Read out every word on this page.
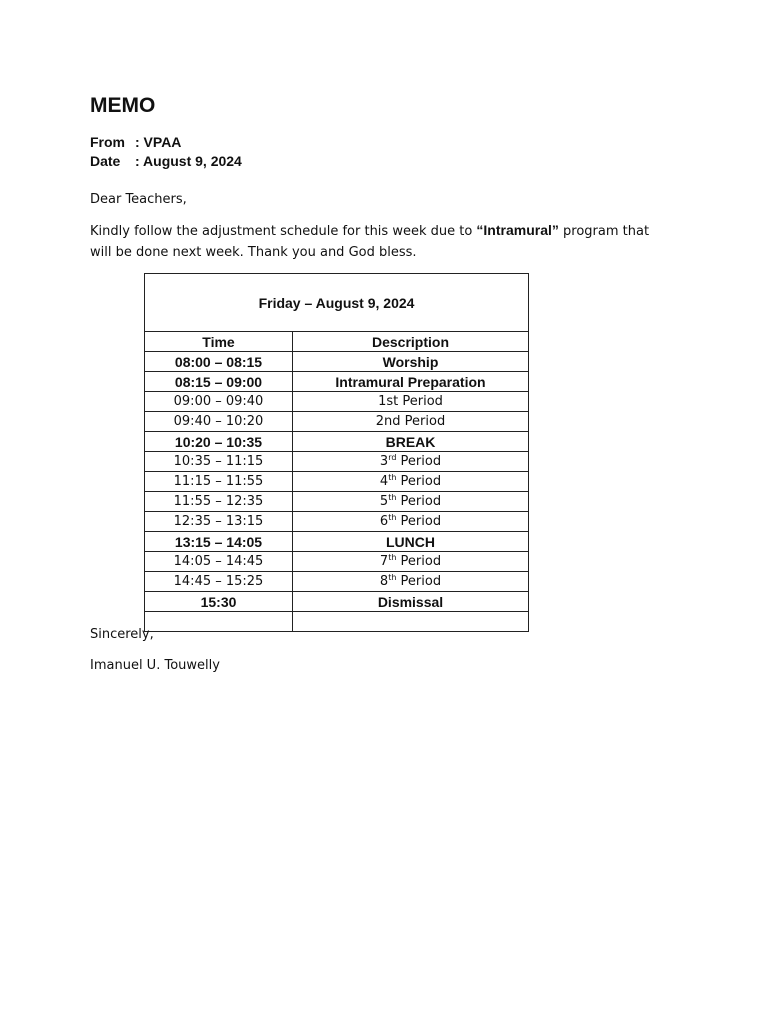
MEMO
From : VPAA
Date	: August 9, 2024
Dear Teachers,
Kindly follow the adjustment schedule for this week due to “Intramural” program that will be done next week. Thank you and God bless.
Friday – August 9, 2024	
Time	Description
08:00 – 08:15	Worship
08:15 – 09:00	Intramural Preparation
09:00 – 09:40	1st Period
09:40 – 10:20	2nd Period
10:20 – 10:35	BREAK
10:35 – 11:15	3rd Period
11:15 – 11:55	4th Period
11:55 – 12:35	5th Period
12:35 – 13:15	6th Period
13:15 – 14:05	LUNCH
14:05 – 14:45	7th Period
14:45 – 15:25	8th Period
15:30	Dismissal

Sincerely,
Imanuel U. Touwelly
